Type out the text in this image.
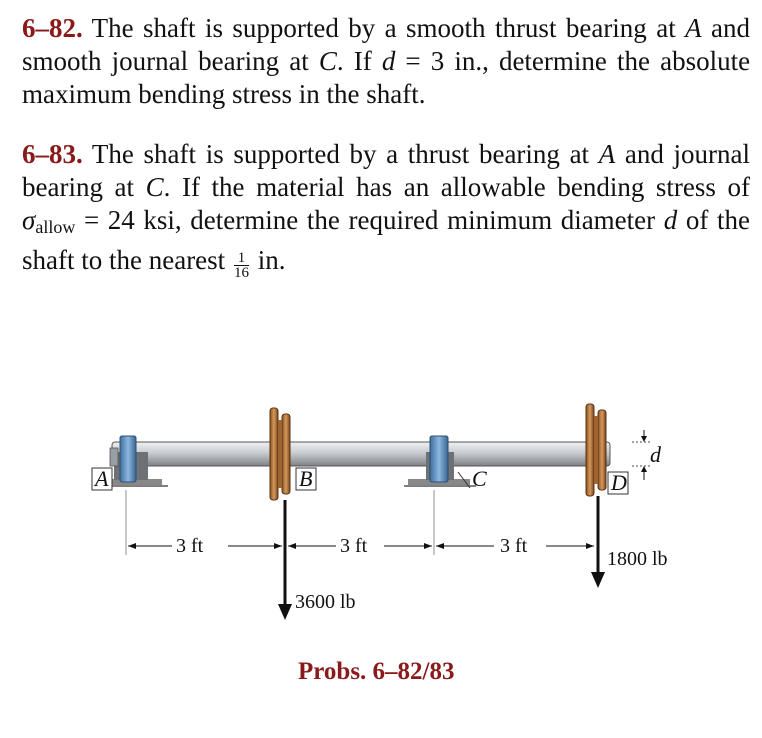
6–82. The shaft is supported by a smooth thrust bearing at A and smooth journal bearing at C. If d = 3 in., determine the absolute maximum bending stress in the shaft.
6–83. The shaft is supported by a thrust bearing at A and journal bearing at C. If the material has an allowable bending stress of $\sigma_{allow} = 24$ ksi, determine the required minimum diameter d of the shaft to the nearest $\frac{1}{16}$ in.
A	B	C	D
d
3 ft	3 ft	3 ft
3600 lb
1800 lb
Probs. 6–82/83
